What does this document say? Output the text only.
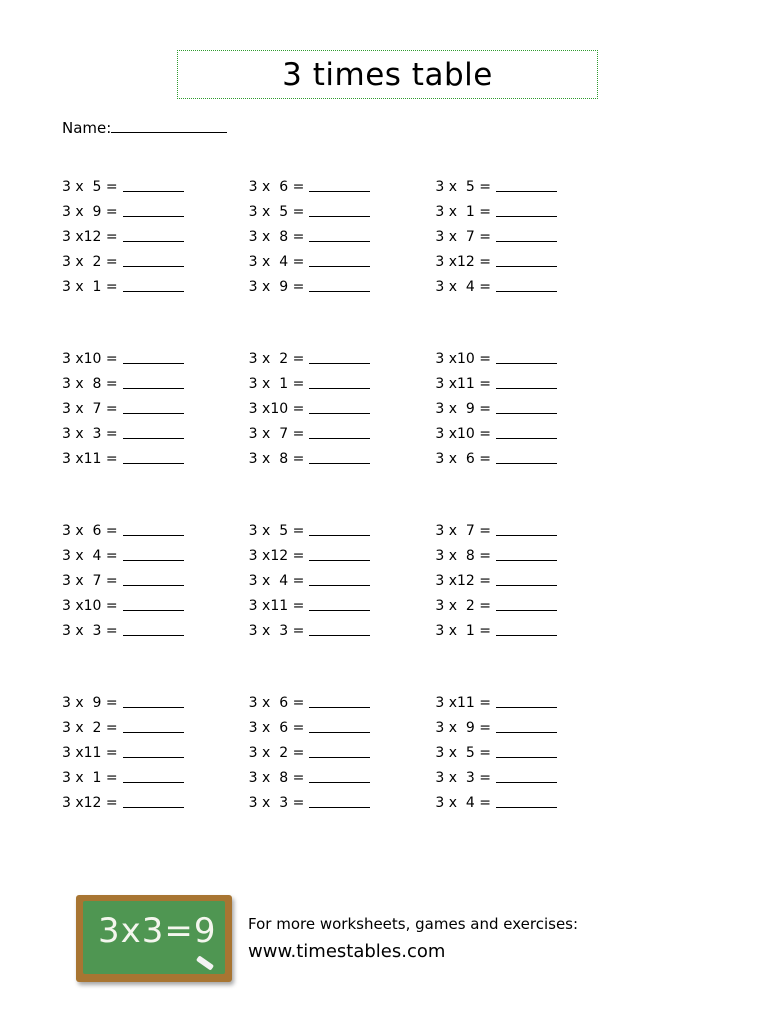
3 times table
Name:
3 x  5 =
3 x  9 =
3 x12 =
3 x  2 =
3 x  1 =
3 x  6 =
3 x  5 =
3 x  8 =
3 x  4 =
3 x  9 =
3 x  5 =
3 x  1 =
3 x  7 =
3 x12 =
3 x  4 =
3 x10 =
3 x  8 =
3 x  7 =
3 x  3 =
3 x11 =
3 x  2 =
3 x  1 =
3 x10 =
3 x  7 =
3 x  8 =
3 x10 =
3 x11 =
3 x  9 =
3 x10 =
3 x  6 =
3 x  6 =
3 x  4 =
3 x  7 =
3 x10 =
3 x  3 =
3 x  5 =
3 x12 =
3 x  4 =
3 x11 =
3 x  3 =
3 x  7 =
3 x  8 =
3 x12 =
3 x  2 =
3 x  1 =
3 x  9 =
3 x  2 =
3 x11 =
3 x  1 =
3 x12 =
3 x  6 =
3 x  6 =
3 x  2 =
3 x  8 =
3 x  3 =
3 x11 =
3 x  9 =
3 x  5 =
3 x  3 =
3 x  4 =
3x3=9 For more worksheets, games and exercises:
www.timestables.com
